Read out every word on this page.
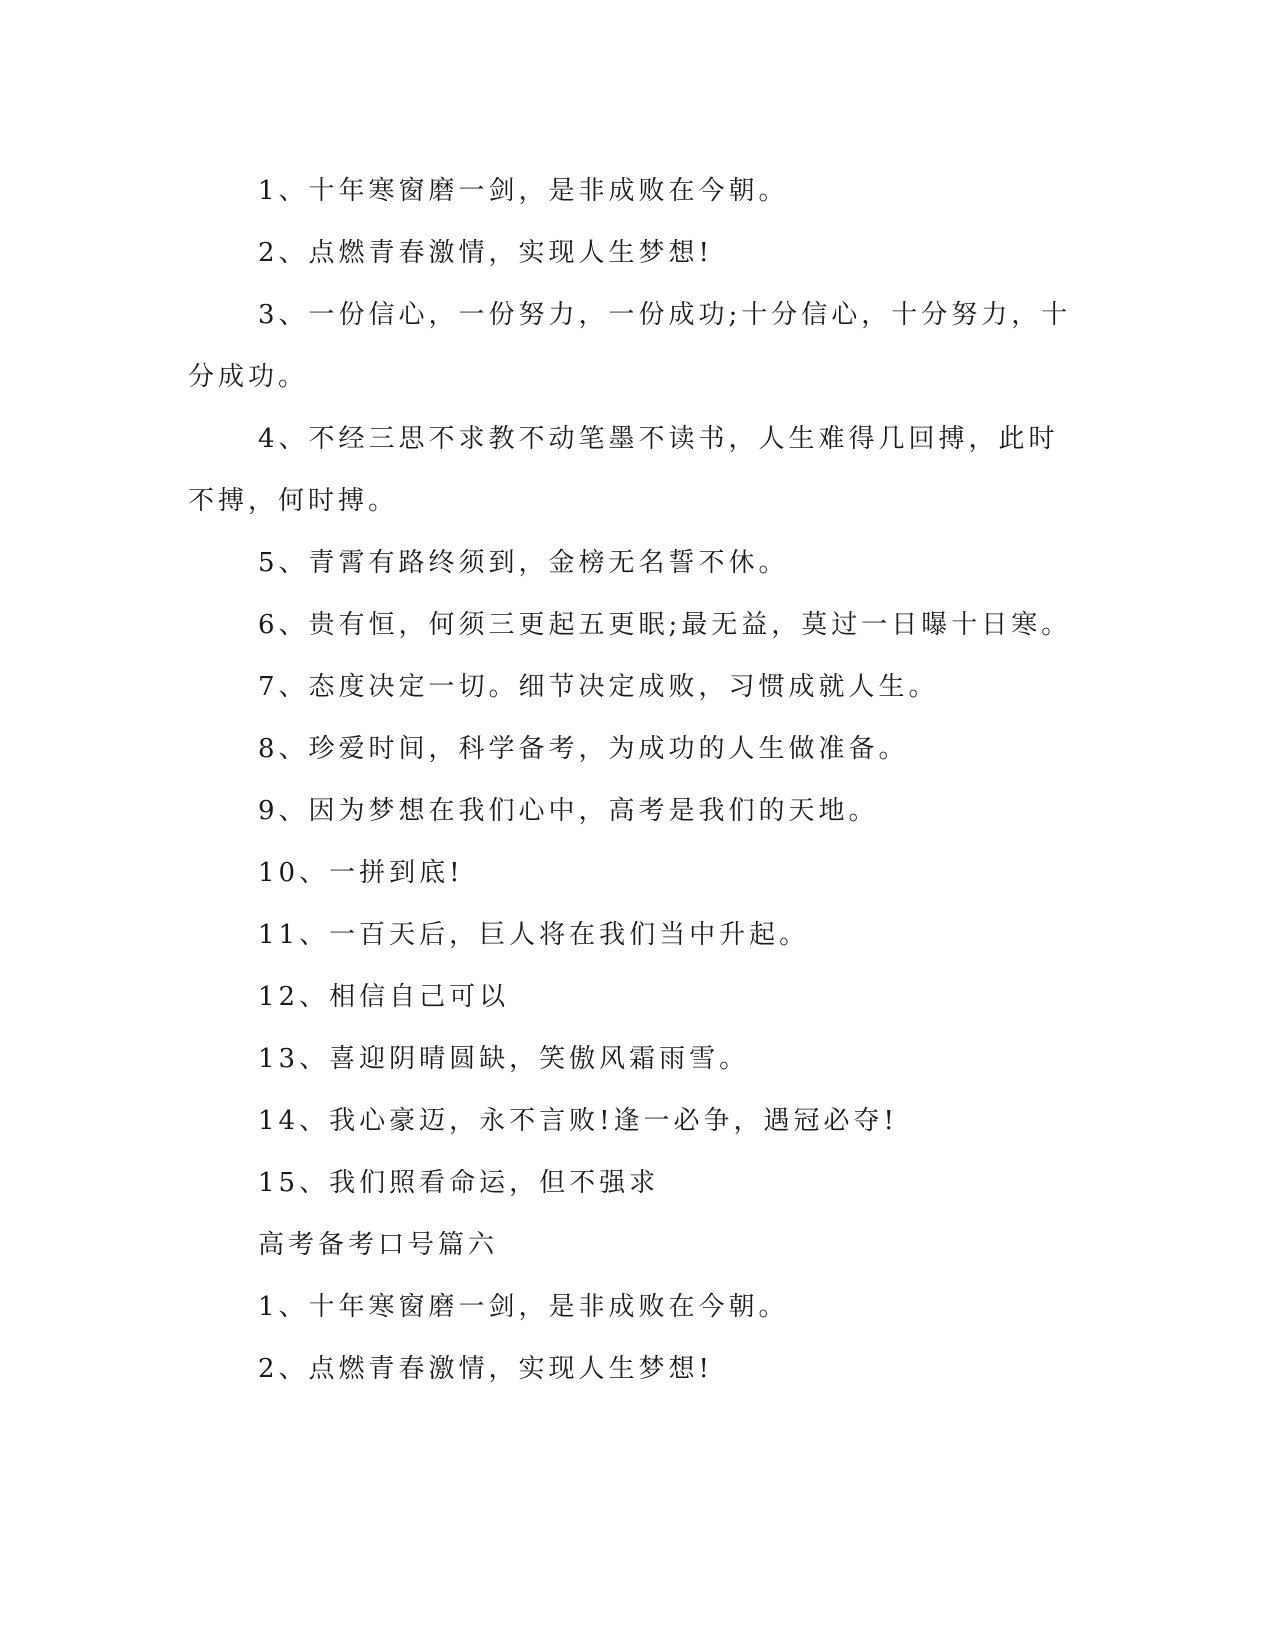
1、十年寒窗磨一剑，是非成败在今朝。

2、点燃青春激情，实现人生梦想!

3、一份信心，一份努力，一份成功;十分信心，十分努力，十分成功。

4、不经三思不求教不动笔墨不读书，人生难得几回搏，此时不搏，何时搏。

5、青霄有路终须到，金榜无名誓不休。

6、贵有恒，何须三更起五更眠;最无益，莫过一日曝十日寒。

7、态度决定一切。细节决定成败，习惯成就人生。

8、珍爱时间，科学备考，为成功的人生做准备。

9、因为梦想在我们心中，高考是我们的天地。

10、一拼到底!

11、一百天后，巨人将在我们当中升起。

12、相信自己可以

13、喜迎阴晴圆缺，笑傲风霜雨雪。

14、我心豪迈，永不言败!逢一必争，遇冠必夺!

15、我们照看命运，但不强求

高考备考口号篇六

1、十年寒窗磨一剑，是非成败在今朝。

2、点燃青春激情，实现人生梦想!
